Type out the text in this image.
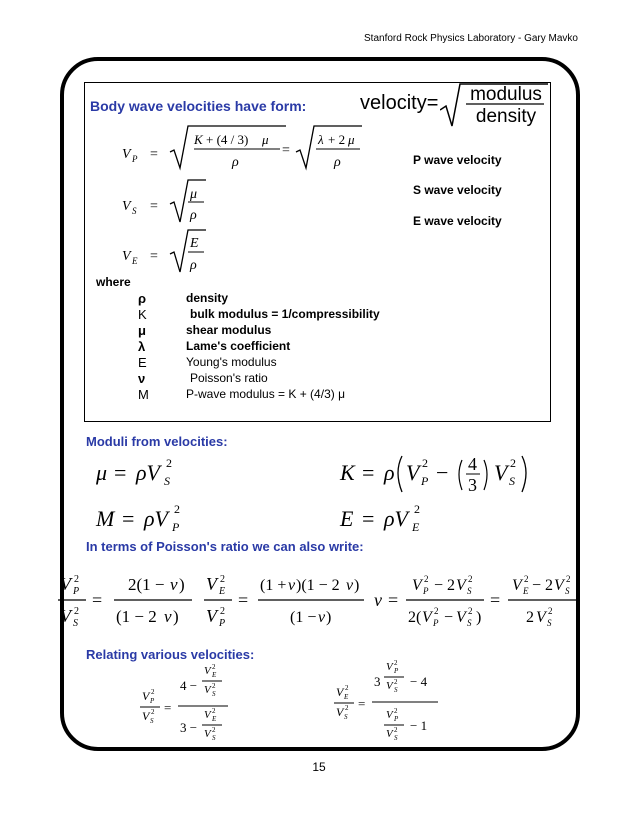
Stanford Rock Physics Laboratory - Gary Mavko
Body wave velocities have form:	velocity= modulus
density
V P =
K + (4 / 3) μ
ρ
=
λ + 2 μ
ρ
V S =
μ
ρ
V E =
E
ρ
P wave velocity
S wave velocity
E wave velocity
where
ρ	density
K	bulk modulus = 1/compressibility
μ	shear modulus
λ	Lame's coefficient
E	Young's modulus
ν	Poisson's ratio
M	P-wave modulus = K + (4/3) μ
Moduli from velocities:
μ = ρV 2
S	K = ρ V 2
P − 4
3 V 2
S
M = ρV 2
P	E = ρV 2
E
In terms of Poisson's ratio we can also write:
V 2
P
V 2
S
=
2(1 − ν )
(1 − 2 ν )
V 2
E
V 2
P
=
(1 + ν )(1 − 2 ν )
(1 − ν )
ν =
V 2
P − 2 V 2
S
2( V 2
P − V 2
S )
=
V 2
E − 2 V 2
S
2 V 2
S
Relating various velocities:
V 2
P
V 2
S
=
4 −
V 2
E
V 2
S
3 −
V 2
E
V 2
S
V 2
E
V 2
S
=
3
V 2
P
V 2
S
− 4
V 2
P
V 2
S
− 1
15
